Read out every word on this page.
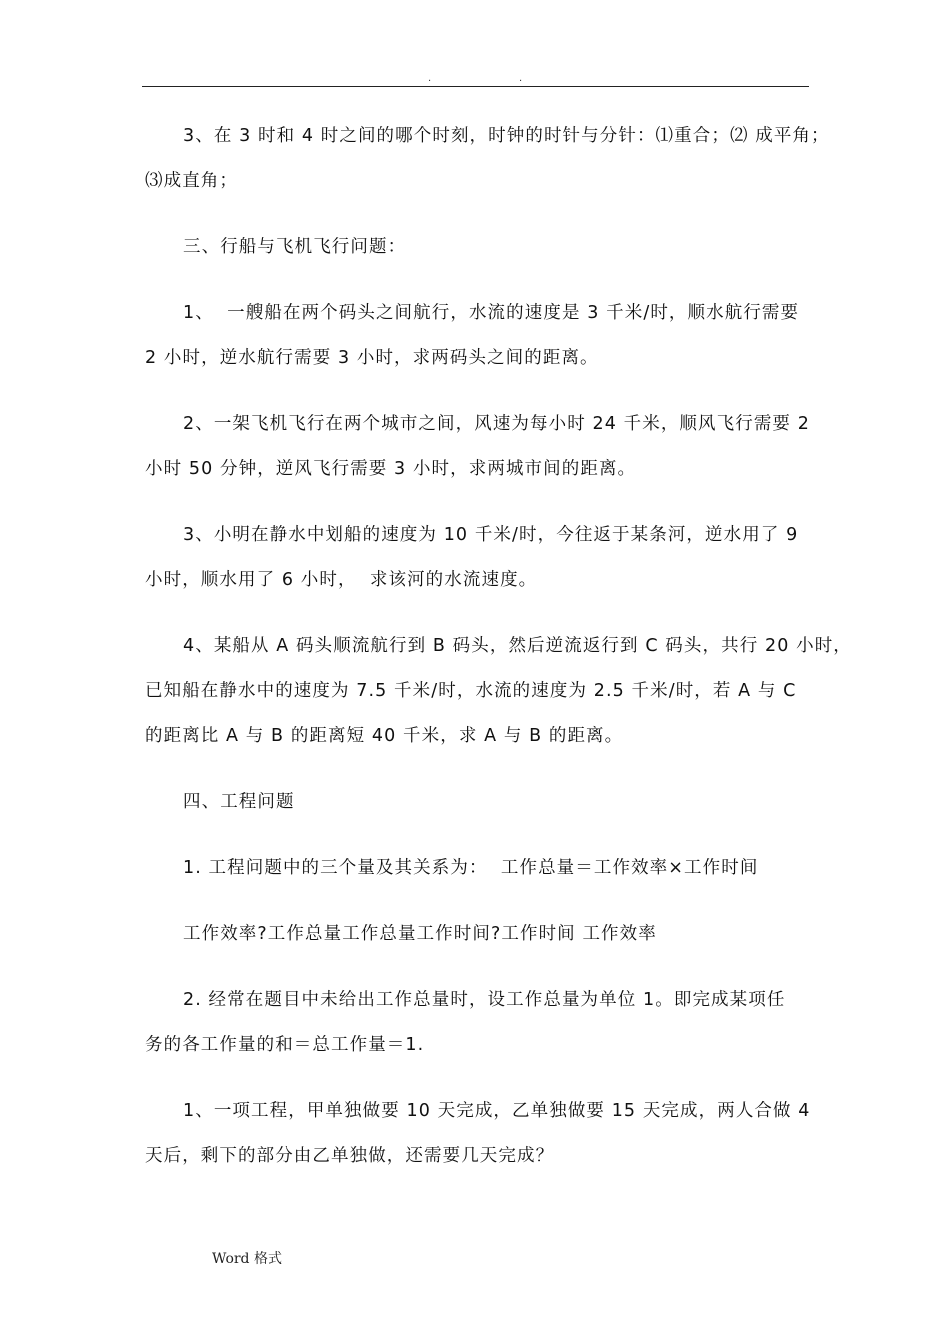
.	.
3、在 3 时和 4 时之间的哪个时刻，时钟的时针与分针：⑴重合；⑵ 成平角；
⑶成直角；
三、行船与飞机飞行问题：
1、  一艘船在两个码头之间航行，水流的速度是 3 千米/时，顺水航行需要
2 小时，逆水航行需要 3 小时，求两码头之间的距离。
2、一架飞机飞行在两个城市之间，风速为每小时 24 千米，顺风飞行需要 2
小时 50 分钟，逆风飞行需要 3 小时，求两城市间的距离。
3、小明在静水中划船的速度为 10 千米/时，今往返于某条河，逆水用了 9
小时，顺水用了 6 小时，  求该河的水流速度。
4、某船从 A 码头顺流航行到 B 码头，然后逆流返行到 C 码头，共行 20 小时，
已知船在静水中的速度为 7.5 千米/时，水流的速度为 2.5 千米/时，若 A 与 C
的距离比 A 与 B 的距离短 40 千米，求 A 与 B 的距离。
四、工程问题
1. 工程问题中的三个量及其关系为：  工作总量＝工作效率×工作时间
工作效率?工作总量工作总量工作时间?工作时间 工作效率
2. 经常在题目中未给出工作总量时，设工作总量为单位 1。即完成某项任
务的各工作量的和＝总工作量＝1.
1、一项工程，甲单独做要 10 天完成，乙单独做要 15 天完成，两人合做 4
天后，剩下的部分由乙单独做，还需要几天完成？
Word 格式
